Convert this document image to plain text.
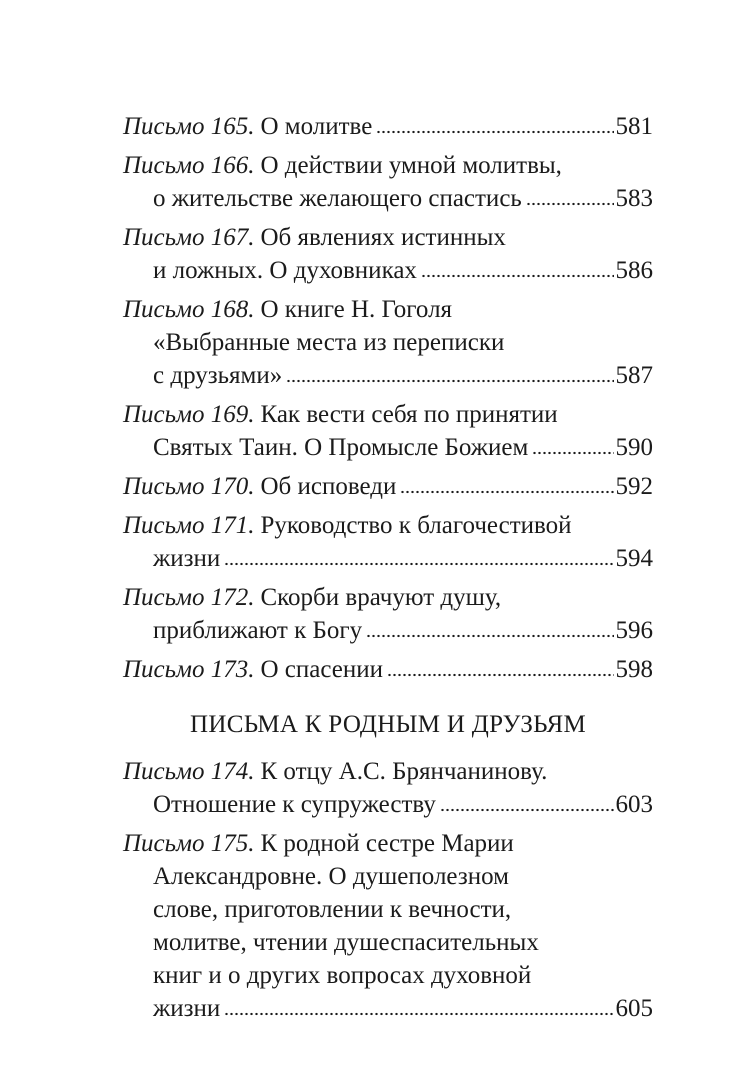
Письмо 165. О молитве	581
Письмо 166. О действии умной молитвы,
о жительстве желающего спастись	583
Письмо 167. Об явлениях истинных
и ложных. О духовниках	586
Письмо 168. О книге Н. Гоголя
«Выбранные места из переписки
с друзьями»	587
Письмо 169. Как вести себя по принятии
Святых Таин. О Промысле Божием	590
Письмо 170. Об исповеди	592
Письмо 171. Руководство к благочестивой
жизни	594
Письмо 172. Скорби врачуют душу,
приближают к Богу	596
Письмо 173. О спасении	598
ПИСЬМА К РОДНЫМ И ДРУЗЬЯМ
Письмо 174. К отцу А.С. Брянчанинову.
Отношение к супружеству	603
Письмо 175. К родной сестре Марии
Александровне. О душеполезном
слове, приготовлении к вечности,
молитве, чтении душеспасительных
книг и о других вопросах духовной
жизни	605
